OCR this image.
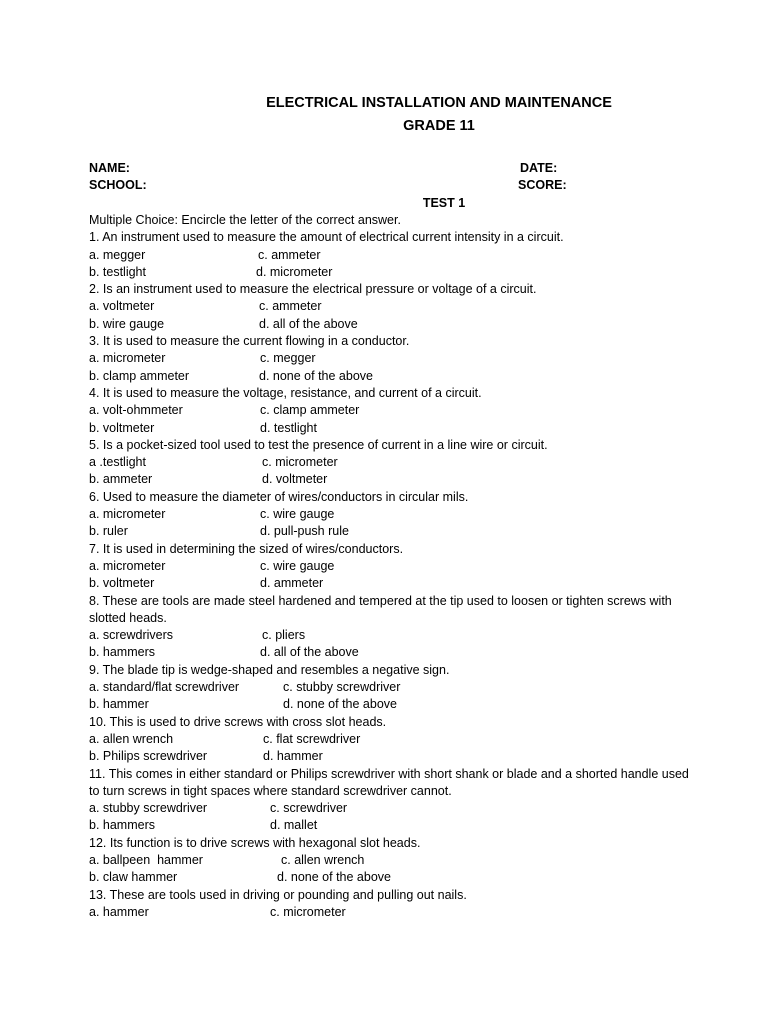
ELECTRICAL INSTALLATION AND MAINTENANCE
GRADE 11
NAME:	DATE:
SCHOOL:	SCORE:
TEST 1
Multiple Choice: Encircle the letter of the correct answer.
1. An instrument used to measure the amount of electrical current intensity in a circuit.
a. megger	c. ammeter
b. testlight	d. micrometer
2. Is an instrument used to measure the electrical pressure or voltage of a circuit.
a. voltmeter	c. ammeter
b. wire gauge	d. all of the above
3. It is used to measure the current flowing in a conductor.
a. micrometer	c. megger
b. clamp ammeter	d. none of the above
4. It is used to measure the voltage, resistance, and current of a circuit.
a. volt-ohmmeter	c. clamp ammeter
b. voltmeter	d. testlight
5. Is a pocket-sized tool used to test the presence of current in a line wire or circuit.
a .testlight	c. micrometer
b. ammeter	d. voltmeter
6. Used to measure the diameter of wires/conductors in circular mils.
a. micrometer	c. wire gauge
b. ruler	d. pull-push rule
7. It is used in determining the sized of wires/conductors.
a. micrometer	c. wire gauge
b. voltmeter	d. ammeter
8. These are tools are made steel hardened and tempered at the tip used to loosen or tighten screws with slotted heads.
a. screwdrivers	c. pliers
b. hammers	d. all of the above
9. The blade tip is wedge-shaped and resembles a negative sign.
a. standard/flat screwdriver	c. stubby screwdriver
b. hammer	d. none of the above
10. This is used to drive screws with cross slot heads.
a. allen wrench	c. flat screwdriver
b. Philips screwdriver	d. hammer
11. This comes in either standard or Philips screwdriver with short shank or blade and a shorted handle used to turn screws in tight spaces where standard screwdriver cannot.
a. stubby screwdriver	c. screwdriver
b. hammers	d. mallet
12. Its function is to drive screws with hexagonal slot heads.
a. ballpeen  hammer	c. allen wrench
b. claw hammer	d. none of the above
13. These are tools used in driving or pounding and pulling out nails.
a. hammer	c. micrometer
